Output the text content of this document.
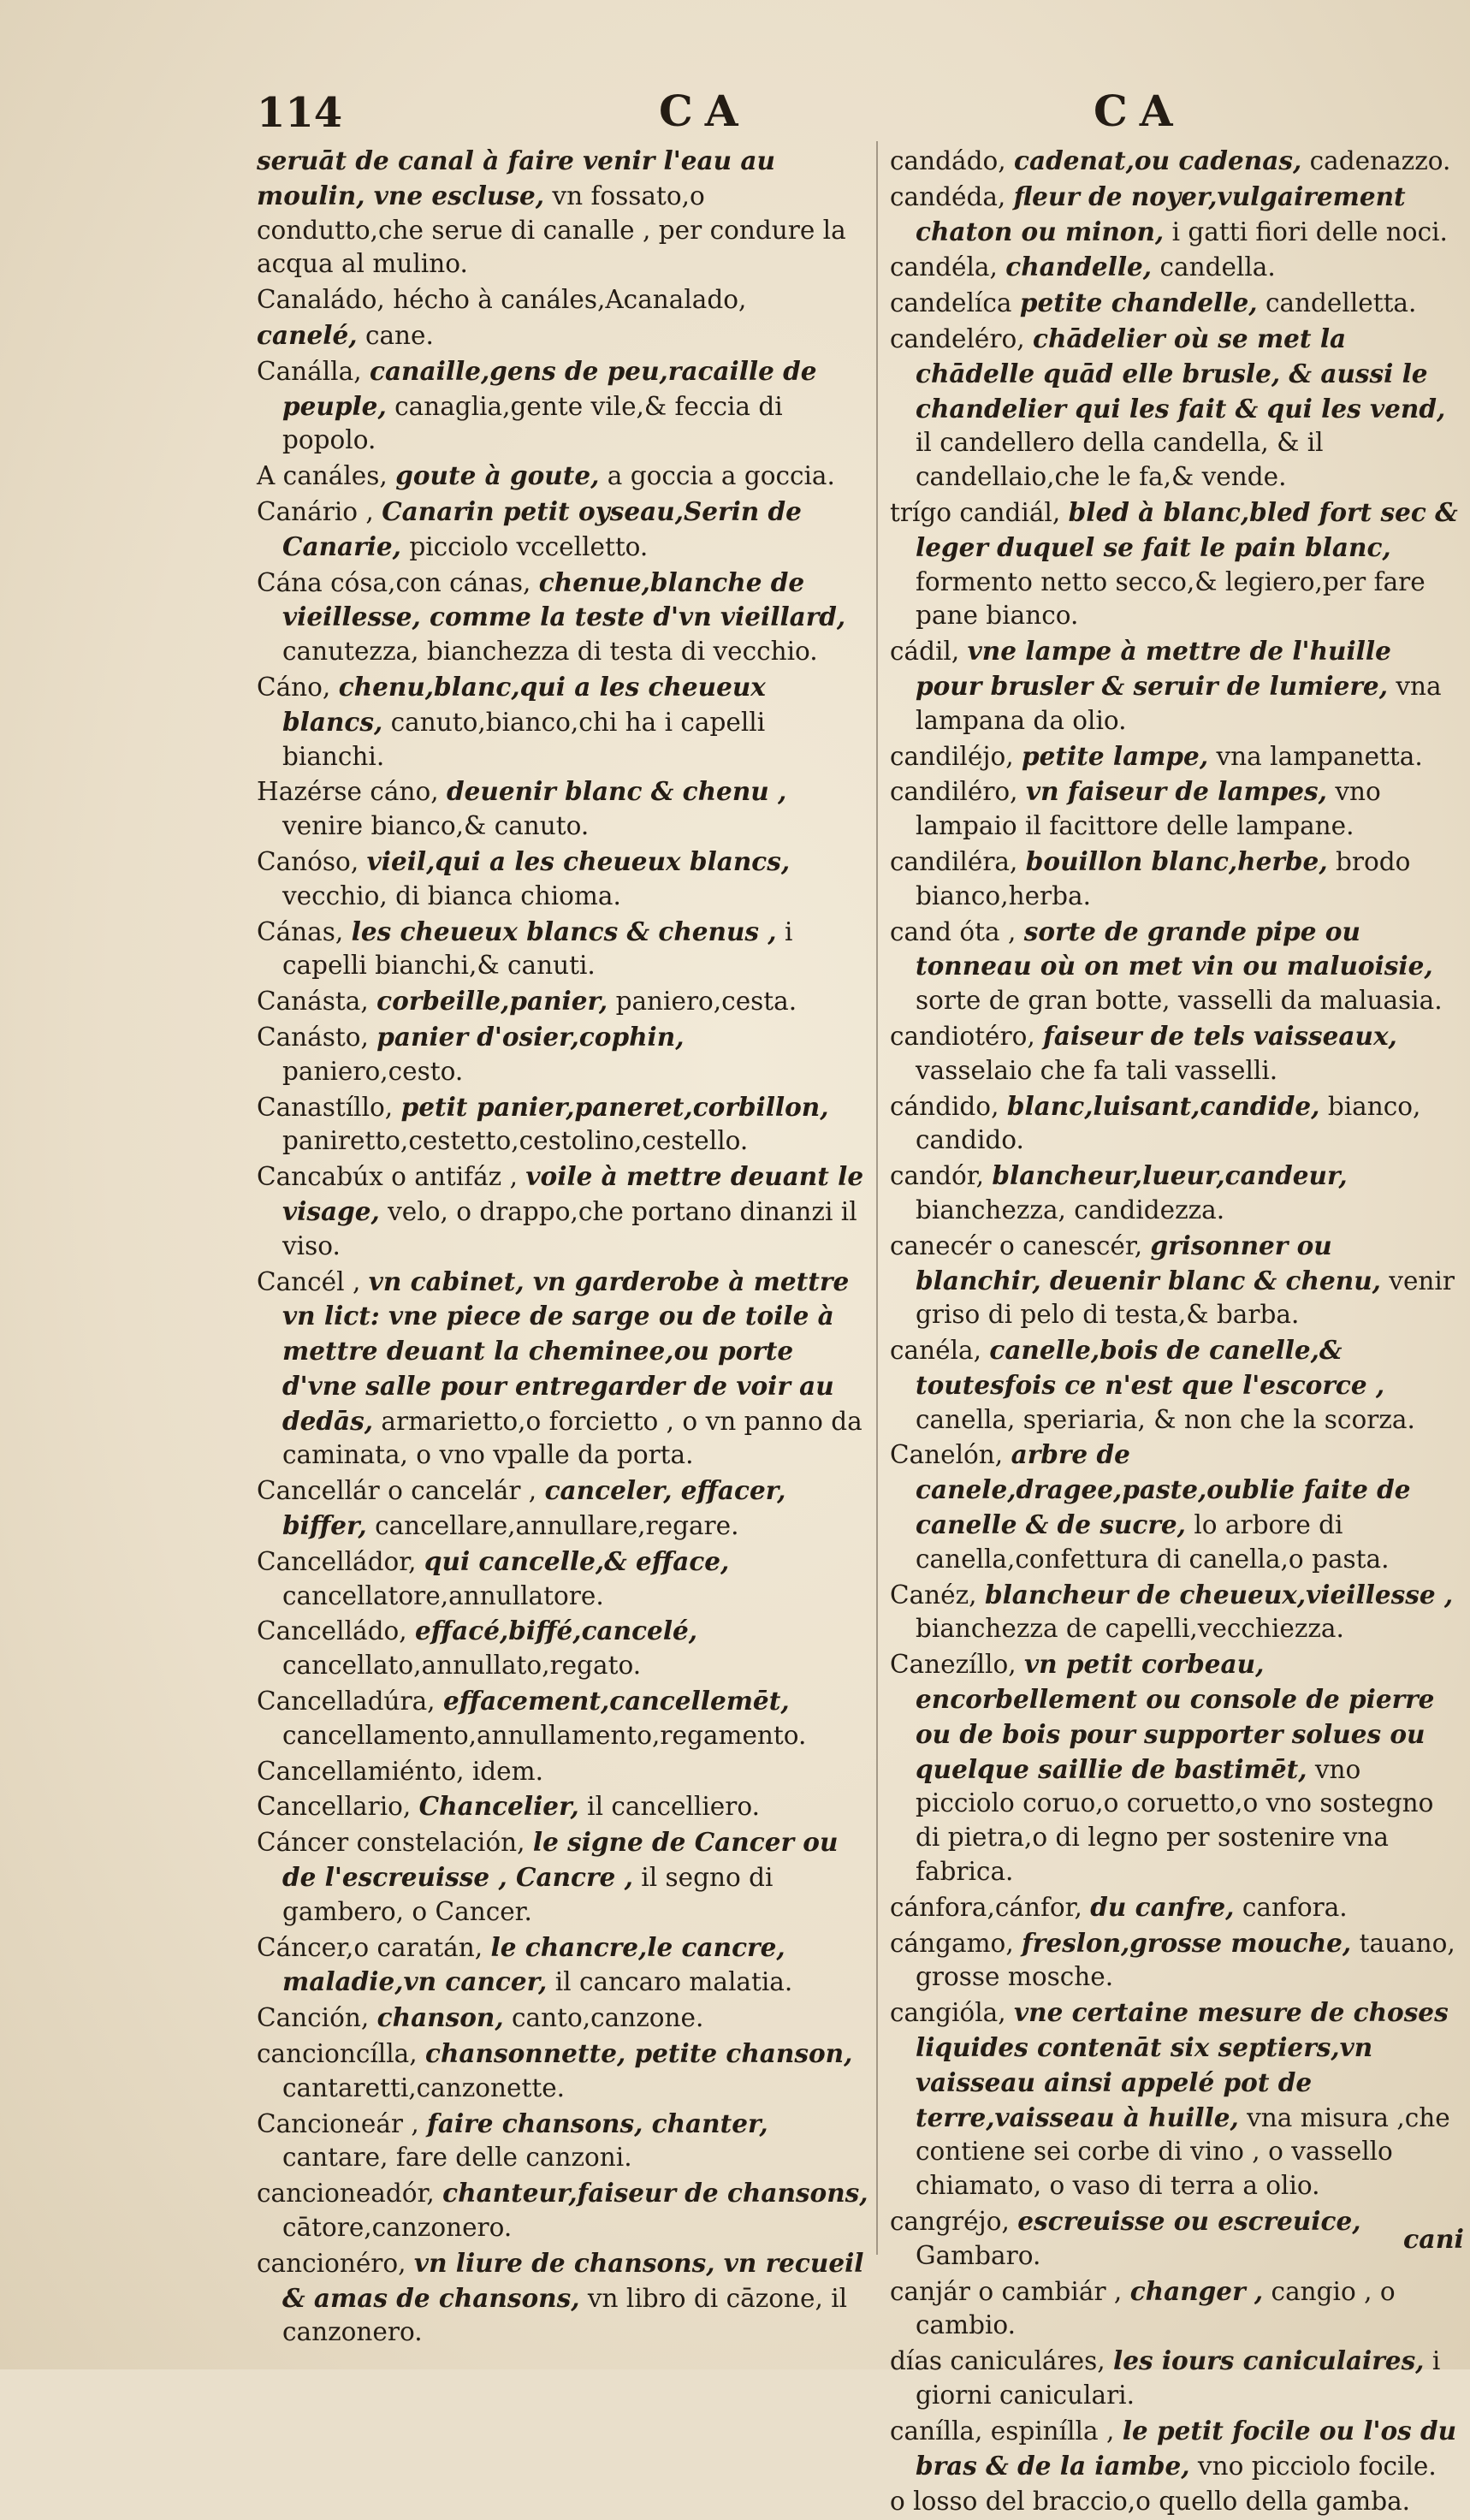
114	CA	CA
seruāt de canal à faire venir l'eau au moulin, vne escluse, vn fossato,o condutto,che serue di canalle , per condure la acqua al mulino.
Canaládo, hécho à canáles,Acanalado,
canelé, cane.
Canálla, canaille,gens de peu,racaille de peuple, canaglia,gente vile,& feccia di popolo.
A canáles, goute à goute, a goccia a goccia.
Canário , Canarin petit oyseau,Serin de Canarie, picciolo vccelletto.
Cána cósa,con cánas, chenue,blanche de vieillesse, comme la teste d'vn vieillard, canutezza, bianchezza di testa di vecchio.
Cáno, chenu,blanc,qui a les cheueux blancs, canuto,bianco,chi ha i capelli bianchi.
Hazérse cáno, deuenir blanc & chenu , venire bianco,& canuto.
Canóso, vieil,qui a les cheueux blancs, vecchio, di bianca chioma.
Cánas, les cheueux blancs & chenus , i capelli bianchi,& canuti.
Canásta, corbeille,panier, paniero,cesta.
Canásto, panier d'osier,cophin, paniero,cesto.
Canastíllo, petit panier,paneret,corbillon, paniretto,cestetto,cestolino,cestello.
Cancabúx o antifáz , voile à mettre deuant le visage, velo, o drappo,che portano dinanzi il viso.
Cancél , vn cabinet, vn garderobe à mettre vn lict: vne piece de sarge ou de toile à mettre deuant la cheminee,ou porte d'vne salle pour entregarder de voir au dedās, armarietto,o forcietto , o vn panno da caminata, o vno vpalle da porta.
Cancellár o cancelár , canceler, effacer, biffer, cancellare,annullare,regare.
Cancelládor, qui cancelle,& efface, cancellatore,annullatore.
Cancelládo, effacé,biffé,cancelé, cancellato,annullato,regato.
Cancelladúra, effacement,cancellemēt, cancellamento,annullamento,regamento.
Cancellamiénto, idem.
Cancellario, Chancelier, il cancelliero.
Cáncer constelación, le signe de Cancer ou de l'escreuisse , Cancre , il segno di gambero, o Cancer.
Cáncer,o caratán, le chancre,le cancre, maladie,vn cancer, il cancaro malatia.
Canción, chanson, canto,canzone.
cancioncílla, chansonnette, petite chanson, cantaretti,canzonette.
Cancioneár , faire chansons, chanter, cantare, fare delle canzoni.
cancioneadór, chanteur,faiseur de chansons, cātore,canzonero.
cancionéro, vn liure de chansons, vn recueil & amas de chansons, vn libro di cāzone, il canzonero.
candádo, cadenat,ou cadenas, cadenazzo.
candéda, fleur de noyer,vulgairement chaton ou minon, i gatti fiori delle noci.
candéla, chandelle, candella.
candelíca petite chandelle, candelletta.
candeléro, chādelier où se met la chādelle quād elle brusle, & aussi le chandelier qui les fait & qui les vend, il candellero della candella, & il candellaio,che le fa,& vende.
trígo candiál, bled à blanc,bled fort sec & leger duquel se fait le pain blanc, formento netto secco,& legiero,per fare pane bianco.
cádil, vne lampe à mettre de l'huille pour brusler & seruir de lumiere, vna lampana da olio.
candiléjo, petite lampe, vna lampanetta.
candiléro, vn faiseur de lampes, vno lampaio il facittore delle lampane.
candiléra, bouillon blanc,herbe, brodo bianco,herba.
cand óta , sorte de grande pipe ou tonneau où on met vin ou maluoisie, sorte de gran botte, vasselli da maluasia.
candiotéro, faiseur de tels vaisseaux, vasselaio che fa tali vasselli.
cándido, blanc,luisant,candide, bianco, candido.
candór, blancheur,lueur,candeur, bianchezza, candidezza.
canecér o canescér, grisonner ou blanchir, deuenir blanc & chenu, venir griso di pelo di testa,& barba.
canéla, canelle,bois de canelle,& toutesfois ce n'est que l'escorce , canella, speriaria, & non che la scorza.
Canelón, arbre de canele,dragee,paste,oublie faite de canelle & de sucre, lo arbore di canella,confettura di canella,o pasta.
Canéz, blancheur de cheueux,vieillesse , bianchezza de capelli,vecchiezza.
Canezíllo, vn petit corbeau, encorbellement ou console de pierre ou de bois pour supporter solues ou quelque saillie de bastimēt, vno picciolo coruo,o coruetto,o vno sostegno di pietra,o di legno per sostenire vna fabrica.
cánfora,cánfor, du canfre, canfora.
cángamo, freslon,grosse mouche, tauano, grosse mosche.
cangióla, vne certaine mesure de choses liquides contenāt six septiers,vn vaisseau ainsi appelé pot de terre,vaisseau à huille, vna misura ,che contiene sei corbe di vino , o vassello chiamato, o vaso di terra a olio.
cangréjo, escreuisse ou escreuice, Gambaro.
canjár o cambiár , changer , cangio , o cambio.
días caniculáres, les iours caniculaires, i giorni caniculari.
canílla, espinílla , le petit focile ou l'os du bras & de la iambe, vno picciolo focile.
o losso del braccio,o quello della gamba.
cani
